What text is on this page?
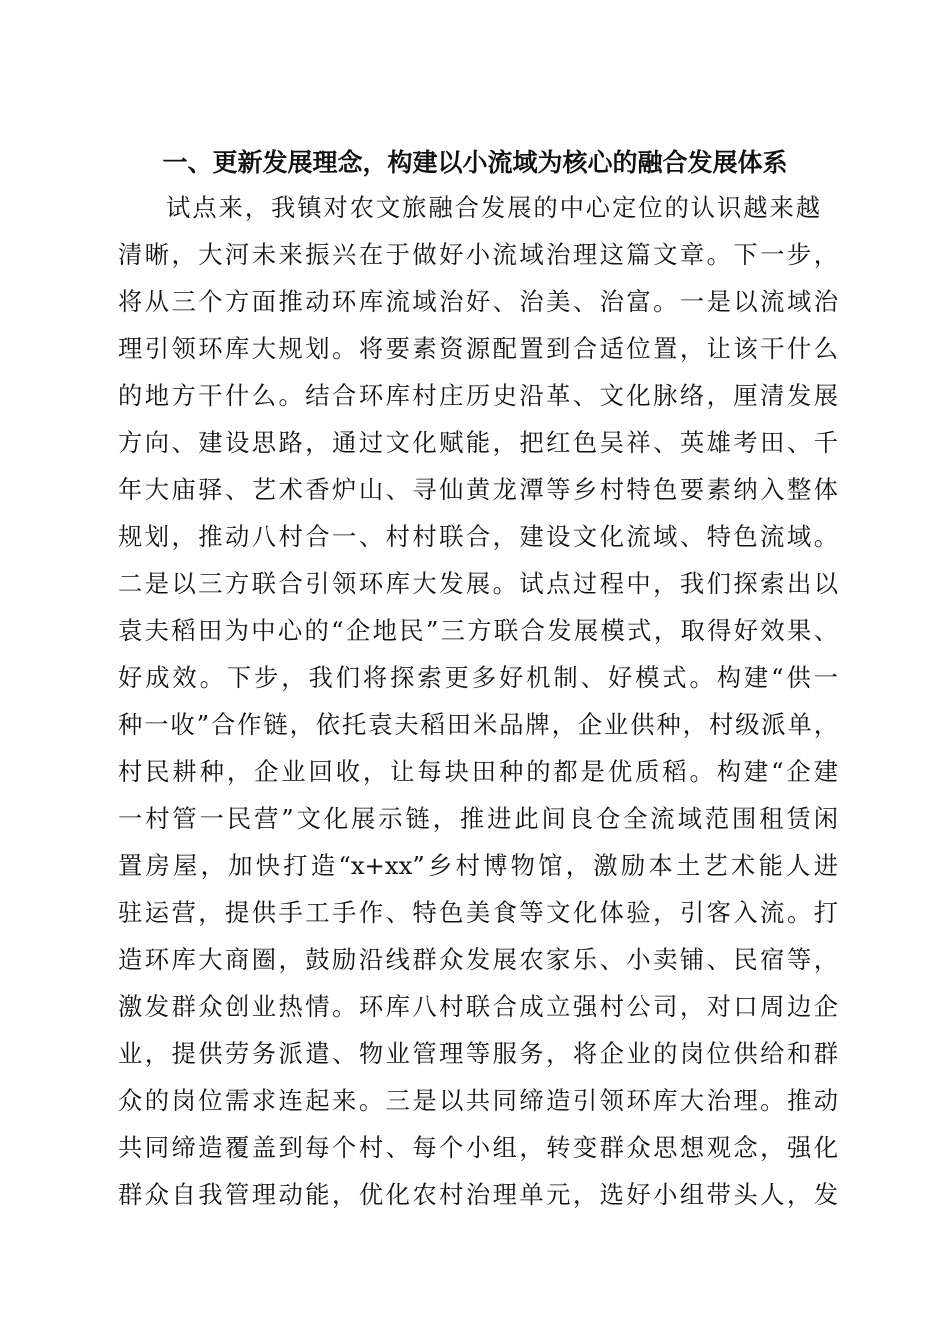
一、更新发展理念，构建以小流域为核心的融合发展体系
试点来，我镇对农文旅融合发展的中心定位的认识越来越
清晰，大河未来振兴在于做好小流域治理这篇文章。下一步，
将从三个方面推动环库流域治好、治美、治富。一是以流域治
理引领环库大规划。将要素资源配置到合适位置，让该干什么
的地方干什么。结合环库村庄历史沿革、文化脉络，厘清发展
方向、建设思路，通过文化赋能，把红色吴祥、英雄考田、千
年大庙驿、艺术香炉山、寻仙黄龙潭等乡村特色要素纳入整体
规划，推动八村合一、村村联合，建设文化流域、特色流域。
二是以三方联合引领环库大发展。试点过程中，我们探索出以
袁夫稻田为中心的“企地民”三方联合发展模式，取得好效果、
好成效。下步，我们将探索更多好机制、好模式。构建“供一
种一收”合作链，依托袁夫稻田米品牌，企业供种，村级派单，
村民耕种，企业回收，让每块田种的都是优质稻。构建“企建
一村管一民营”文化展示链，推进此间良仓全流域范围租赁闲
置房屋，加快打造“x+xx”乡村博物馆，激励本土艺术能人进
驻运营，提供手工手作、特色美食等文化体验，引客入流。打
造环库大商圈，鼓励沿线群众发展农家乐、小卖铺、民宿等，
激发群众创业热情。环库八村联合成立强村公司，对口周边企
业，提供劳务派遣、物业管理等服务，将企业的岗位供给和群
众的岗位需求连起来。三是以共同缔造引领环库大治理。推动
共同缔造覆盖到每个村、每个小组，转变群众思想观念，强化
群众自我管理动能，优化农村治理单元，选好小组带头人，发
